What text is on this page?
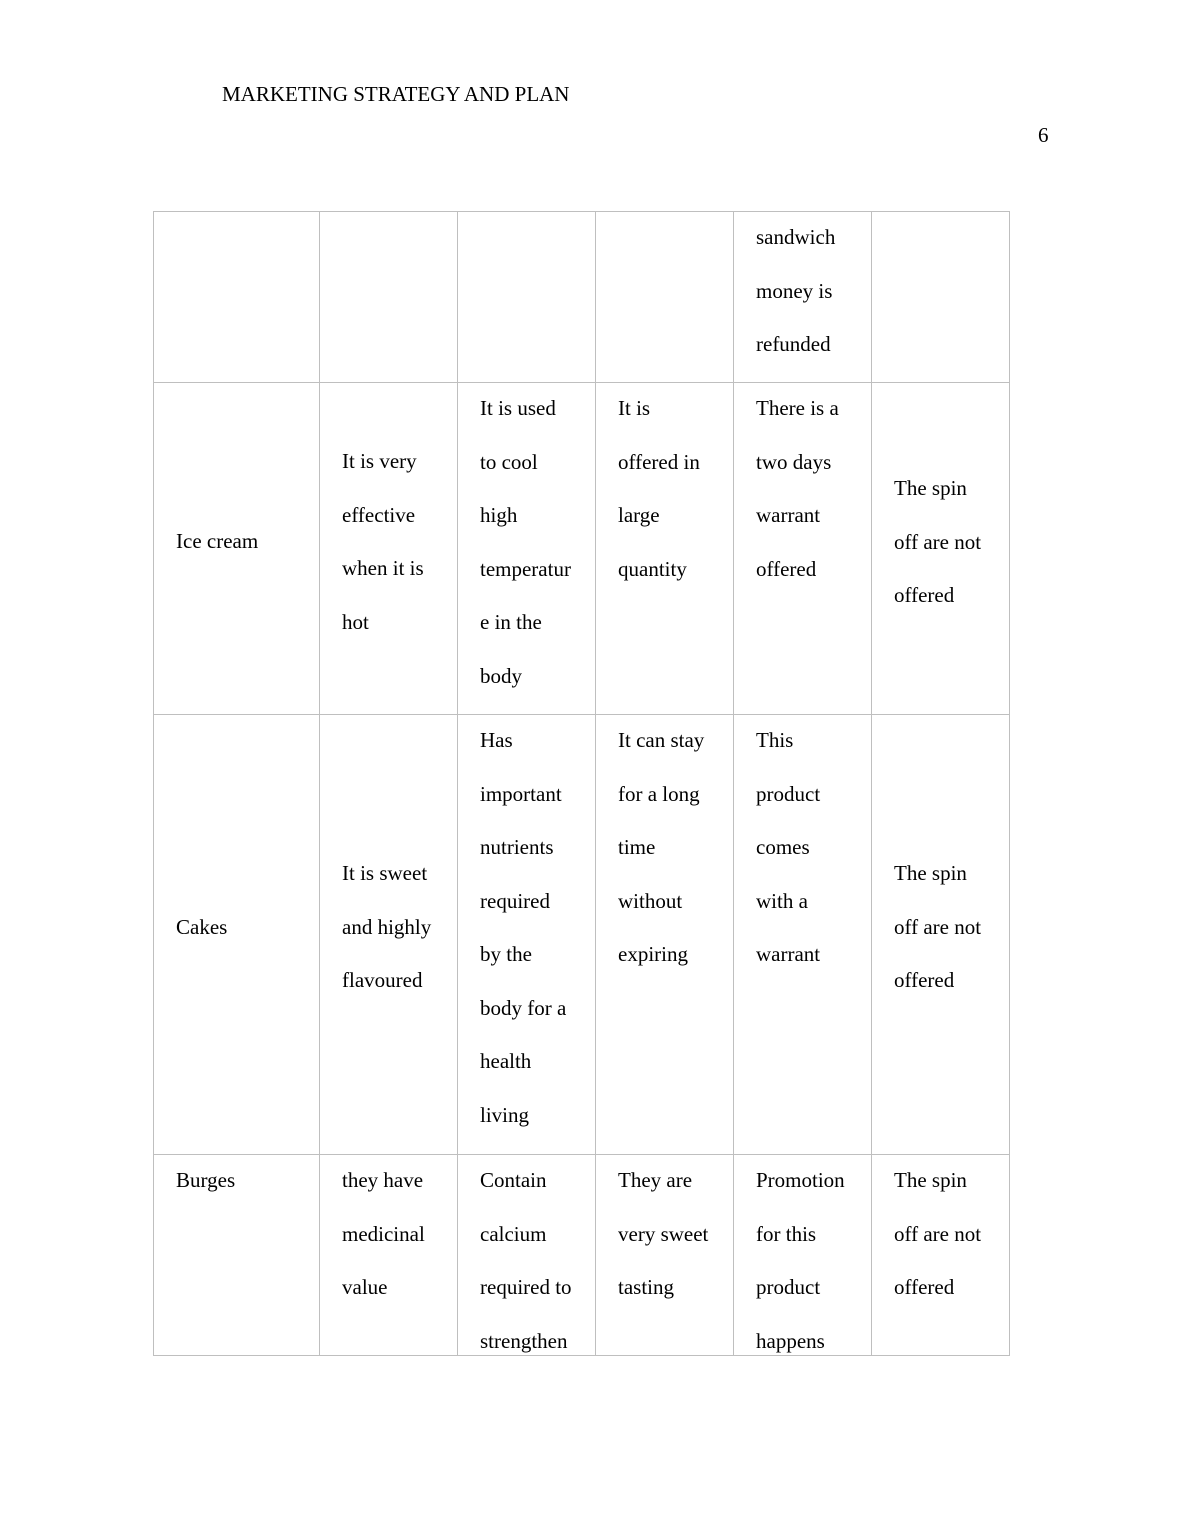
MARKETING STRATEGY AND PLAN
6
sandwich
money is
refunded
Ice cream
It is very
effective
when it is
hot
It is used
to cool
high
temperatur
e in the
body
It is
offered in
large
quantity
There is a
two days
warrant
offered
The spin
off are not
offered
Cakes
It is sweet
and highly
flavoured
Has
important
nutrients
required
by the
body for a
health
living
It can stay
for a long
time
without
expiring
This
product
comes
with a
warrant
The spin
off are not
offered
Burges	they have
medicinal
value
Contain
calcium
required to
strengthen
They are
very sweet
tasting
Promotion
for this
product
happens
The spin
off are not
offered
